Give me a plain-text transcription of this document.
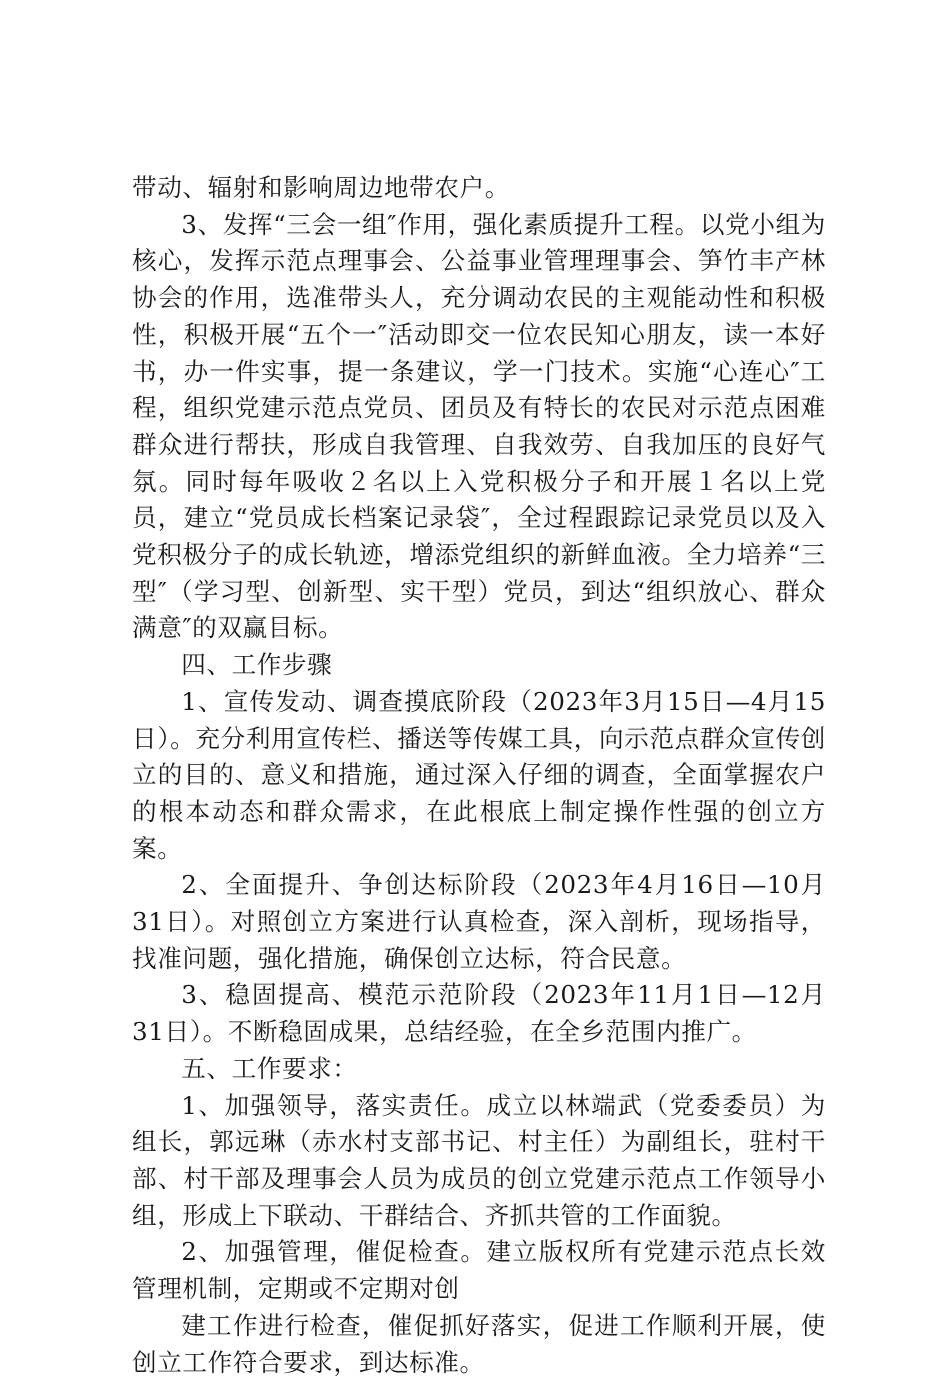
带动、辐射和影响周边地带农户。

3、发挥“三会一组″作用，强化素质提升工程。以党小组为核心，发挥示范点理事会、公益事业管理理事会、笋竹丰产林协会的作用，选准带头人，充分调动农民的主观能动性和积极性，积极开展“五个一″活动即交一位农民知心朋友，读一本好书，办一件实事，提一条建议，学一门技术。实施“心连心″工程，组织党建示范点党员、团员及有特长的农民对示范点困难群众进行帮扶，形成自我管理、自我效劳、自我加压的良好气氛。同时每年吸收２名以上入党积极分子和开展１名以上党员，建立“党员成长档案记录袋″，全过程跟踪记录党员以及入党积极分子的成长轨迹，增添党组织的新鲜血液。全力培养“三型″（学习型、创新型、实干型）党员，到达“组织放心、群众满意″的双赢目标。

四、工作步骤

1、宣传发动、调查摸底阶段（2023年3月15日—4月15日）。充分利用宣传栏、播送等传媒工具，向示范点群众宣传创立的目的、意义和措施，通过深入仔细的调查，全面掌握农户的根本动态和群众需求，在此根底上制定操作性强的创立方案。

2、全面提升、争创达标阶段（2023年4月16日—10月31日）。对照创立方案进行认真检查，深入剖析，现场指导，找准问题，强化措施，确保创立达标，符合民意。

3、稳固提高、模范示范阶段（2023年11月1日—12月31日）。不断稳固成果，总结经验，在全乡范围内推广。

五、工作要求：

1、加强领导，落实责任。成立以林端武（党委委员）为组长，郭远琳（赤水村支部书记、村主任）为副组长，驻村干部、村干部及理事会人员为成员的创立党建示范点工作领导小组，形成上下联动、干群结合、齐抓共管的工作面貌。

2、加强管理，催促检查。建立版权所有党建示范点长效管理机制，定期或不定期对创

建工作进行检查，催促抓好落实，促进工作顺利开展，使创立工作符合要求，到达标准。
